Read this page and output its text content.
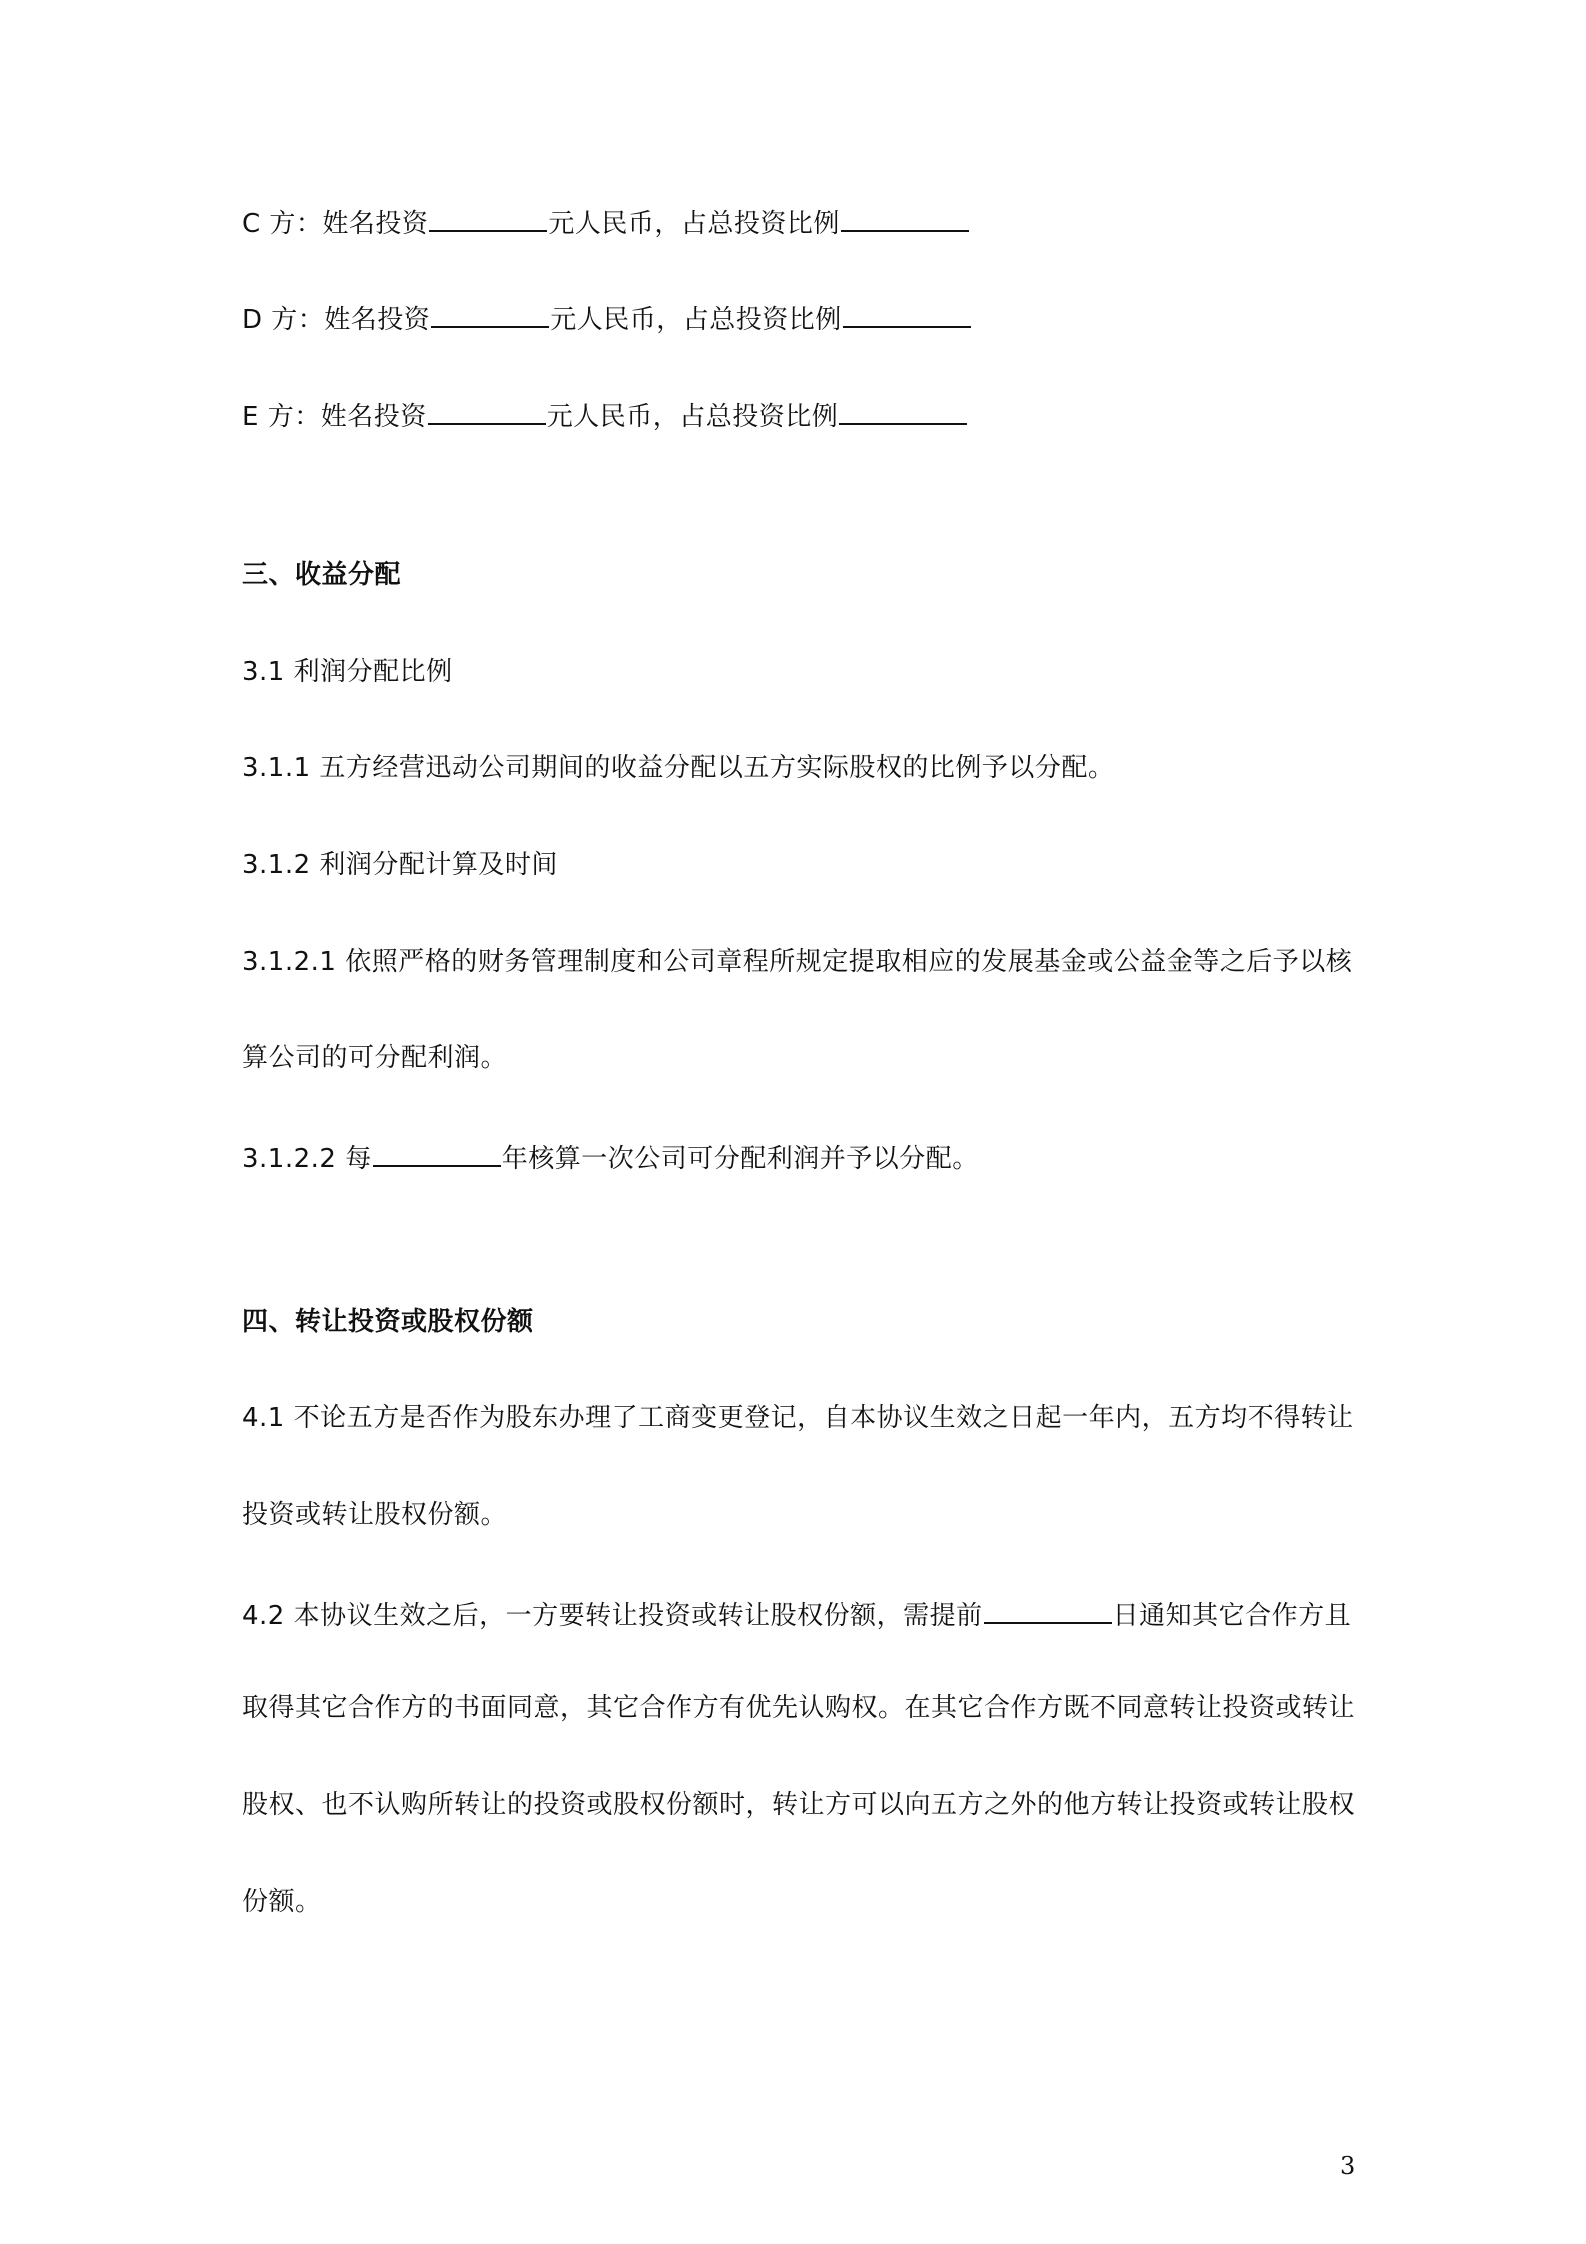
C 方：姓名投资	元人民币，占总投资比例
D 方：姓名投资	元人民币，占总投资比例
E 方：姓名投资	元人民币，占总投资比例
三、收益分配
3.1 利润分配比例
3.1.1 五方经营迅动公司期间的收益分配以五方实际股权的比例予以分配。
3.1.2 利润分配计算及时间
3.1.2.1 依照严格的财务管理制度和公司章程所规定提取相应的发展基金或公益金等之后予以核
算公司的可分配利润。
3.1.2.2 每	年核算一次公司可分配利润并予以分配。
四、转让投资或股权份额
4.1 不论五方是否作为股东办理了工商变更登记，自本协议生效之日起一年内，五方均不得转让
投资或转让股权份额。
4.2 本协议生效之后，一方要转让投资或转让股权份额，需提前	日通知其它合作方且
取得其它合作方的书面同意，其它合作方有优先认购权。在其它合作方既不同意转让投资或转让
股权、也不认购所转让的投资或股权份额时，转让方可以向五方之外的他方转让投资或转让股权
份额。
3
